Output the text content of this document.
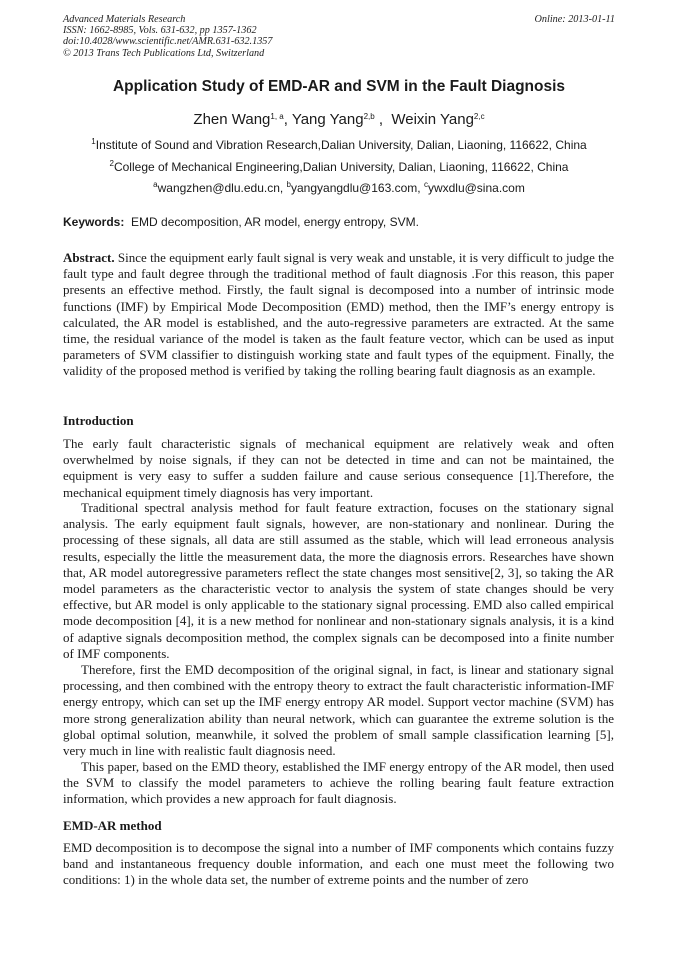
Advanced Materials Research
ISSN: 1662-8985, Vols. 631-632, pp 1357-1362
doi:10.4028/www.scientific.net/AMR.631-632.1357
© 2013 Trans Tech Publications Ltd, Switzerland
Online: 2013-01-11
Application Study of EMD-AR and SVM in the Fault Diagnosis
Zhen Wang$^{1, a}$, Yang Yang$^{2,b}$ ,  Weixin Yang$^{2,c}$
$^1$Institute of Sound and Vibration Research,Dalian University, Dalian, Liaoning, 116622, China
$^2$College of Mechanical Engineering,Dalian University, Dalian, Liaoning, 116622, China
$^a$wangzhen@dlu.edu.cn, $^b$yangyangdlu@163.com, $^c$ywxdlu@sina.com
Keywords: EMD decomposition, AR model, energy entropy, SVM.
Abstract. Since the equipment early fault signal is very weak and unstable, it is very difficult to judge the fault type and fault degree through the traditional method of fault diagnosis .For this reason, this paper presents an effective method. Firstly, the fault signal is decomposed into a number of intrinsic mode functions (IMF) by Empirical Mode Decomposition (EMD) method, then the IMF’s energy entropy is calculated, the AR model is established, and the auto-regressive parameters are extracted. At the same time, the residual variance of the model is taken as the fault feature vector, which can be used as input parameters of SVM classifier to distinguish working state and fault types of the equipment. Finally, the validity of the proposed method is verified by taking the rolling bearing fault diagnosis as an example.
Introduction
The early fault characteristic signals of mechanical equipment are relatively weak and often overwhelmed by noise signals, if they can not be detected in time and can not be maintained, the equipment is very easy to suffer a sudden failure and cause serious consequence [1].Therefore, the mechanical equipment timely diagnosis has very important.
Traditional spectral analysis method for fault feature extraction, focuses on the stationary signal analysis. The early equipment fault signals, however, are non-stationary and nonlinear. During the processing of these signals, all data are still assumed as the stable, which will lead erroneous analysis results, especially the little the measurement data, the more the diagnosis errors. Researches have shown that, AR model autoregressive parameters reflect the state changes most sensitive[2, 3], so taking the AR model parameters as the characteristic vector to analysis the system of state changes should be very effective, but AR model is only applicable to the stationary signal processing. EMD also called empirical mode decomposition [4], it is a new method for nonlinear and non-stationary signals analysis, it is a kind of adaptive signals decomposition method, the complex signals can be decomposed into a finite number of IMF components.
Therefore, first the EMD decomposition of the original signal, in fact, is linear and stationary signal processing, and then combined with the entropy theory to extract the fault characteristic information-IMF energy entropy, which can set up the IMF energy entropy AR model. Support vector machine (SVM) has more strong generalization ability than neural network, which can guarantee the extreme solution is the global optimal solution, meanwhile, it solved the problem of small sample classification learning [5], very much in line with realistic fault diagnosis need.
This paper, based on the EMD theory, established the IMF energy entropy of the AR model, then used the SVM to classify the model parameters to achieve the rolling bearing fault feature extraction information, which provides a new approach for fault diagnosis.
EMD-AR method
EMD decomposition is to decompose the signal into a number of IMF components which contains fuzzy band and instantaneous frequency double information, and each one must meet the following two conditions: 1) in the whole data set, the number of extreme points and the number of zero
